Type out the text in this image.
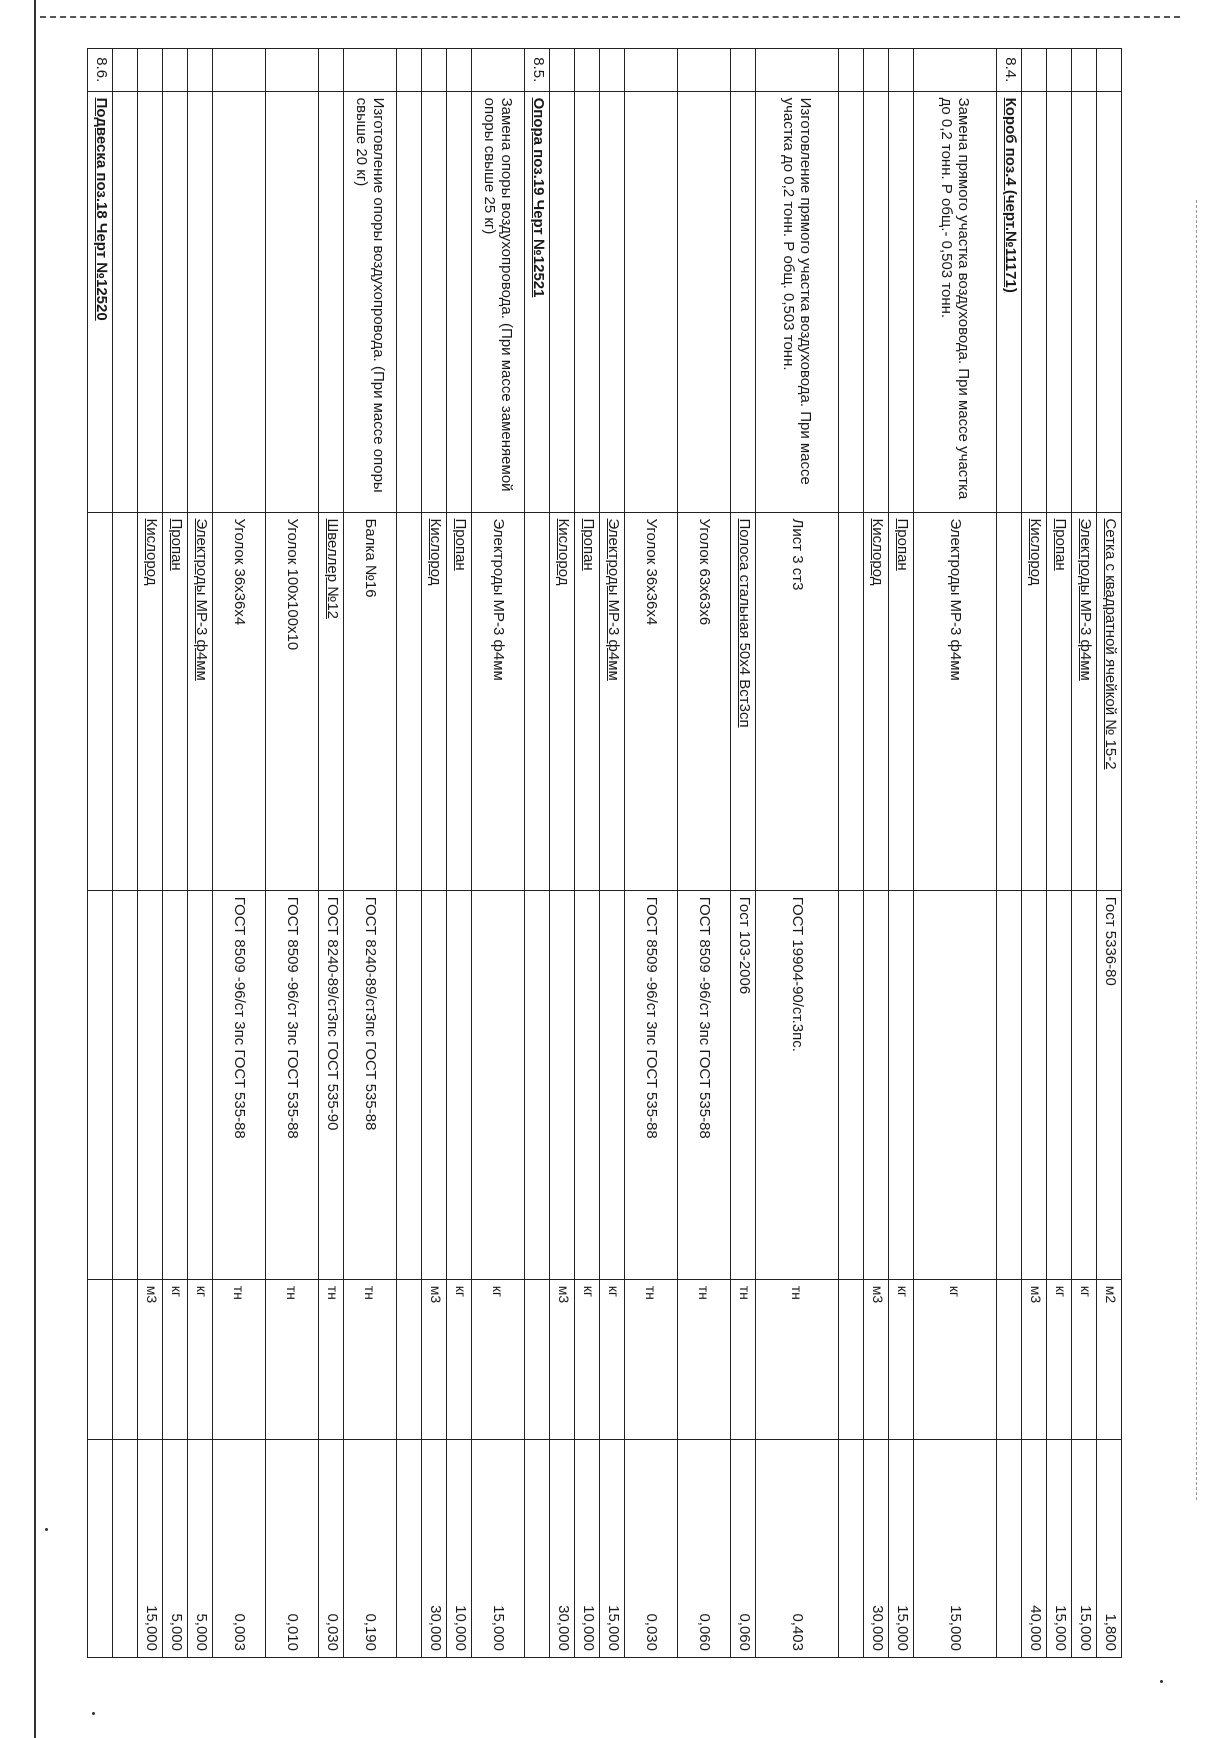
		Сетка с квадратной ячейкой № 15-2	Гост 5336-80	м2	1,800
		Электроды МР-3 ф4мм		кг	15,000
		Пропан		кг	15,000
		Кислород		м3	40,000
8.4.	Короб поз.4 (черт.№11171)				
	Замена прямого участка воздуховода. При массе участка до 0,2 тонн. Р общ.- 0,503 тонн.	Электроды МР-3 ф4мм		кг	15,000
		Пропан		кг	15,000
		Кислород		м3	30,000

	Изготовление прямого участка воздуховода. При массе участка до 0,2 тонн. Р общ. 0,503 тонн.	Лист 3 ст3	ГОСТ 19904-90/ст.3пс.	тн	0,403
		Полоса стальная 50х4 Вст3сп	Гост 103-2006	тн	0,060
		Уголок 63х63х6	ГОСТ 8509 -96/ст 3пс ГОСТ 535-88	тн	0,060
		Уголок 36х36х4	ГОСТ 8509 -96/ст 3пс ГОСТ 535-88	тн	0,030
		Электроды МР-3 ф4мм		кг	15,000
		Пропан		кг	10,000
		Кислород		м3	30,000
8.5.	Опора поз.19 Черт №12521				
	Замена опоры воздухопровода. (При массе заменяемой опоры свыше 25 кг)	Электроды МР-3 ф4мм		кг	15,000
		Пропан		кг	10,000
		Кислород		м3	30,000

	Изготовление опоры воздухопровода. (При массе опоры свыше 20 кг)	Балка №16	ГОСТ 8240-89/ст3пс ГОСТ 535-88	тн	0,190
		Швеллер №12	ГОСТ 8240-89/ст3пс ГОСТ 535-90	тн	0,030
		Уголок 100х100х10	ГОСТ 8509 -96/ст 3пс ГОСТ 535-88	тн	0,010
		Уголок 36х36х4	ГОСТ 8509 -96/ст 3пс ГОСТ 535-88	тн	0,003
		Электроды МР-3 ф4мм		кг	5,000
		Пропан		кг	5,000
		Кислород		м3	15,000

8.6.	Подвеска поз.18 Черт №12520				
